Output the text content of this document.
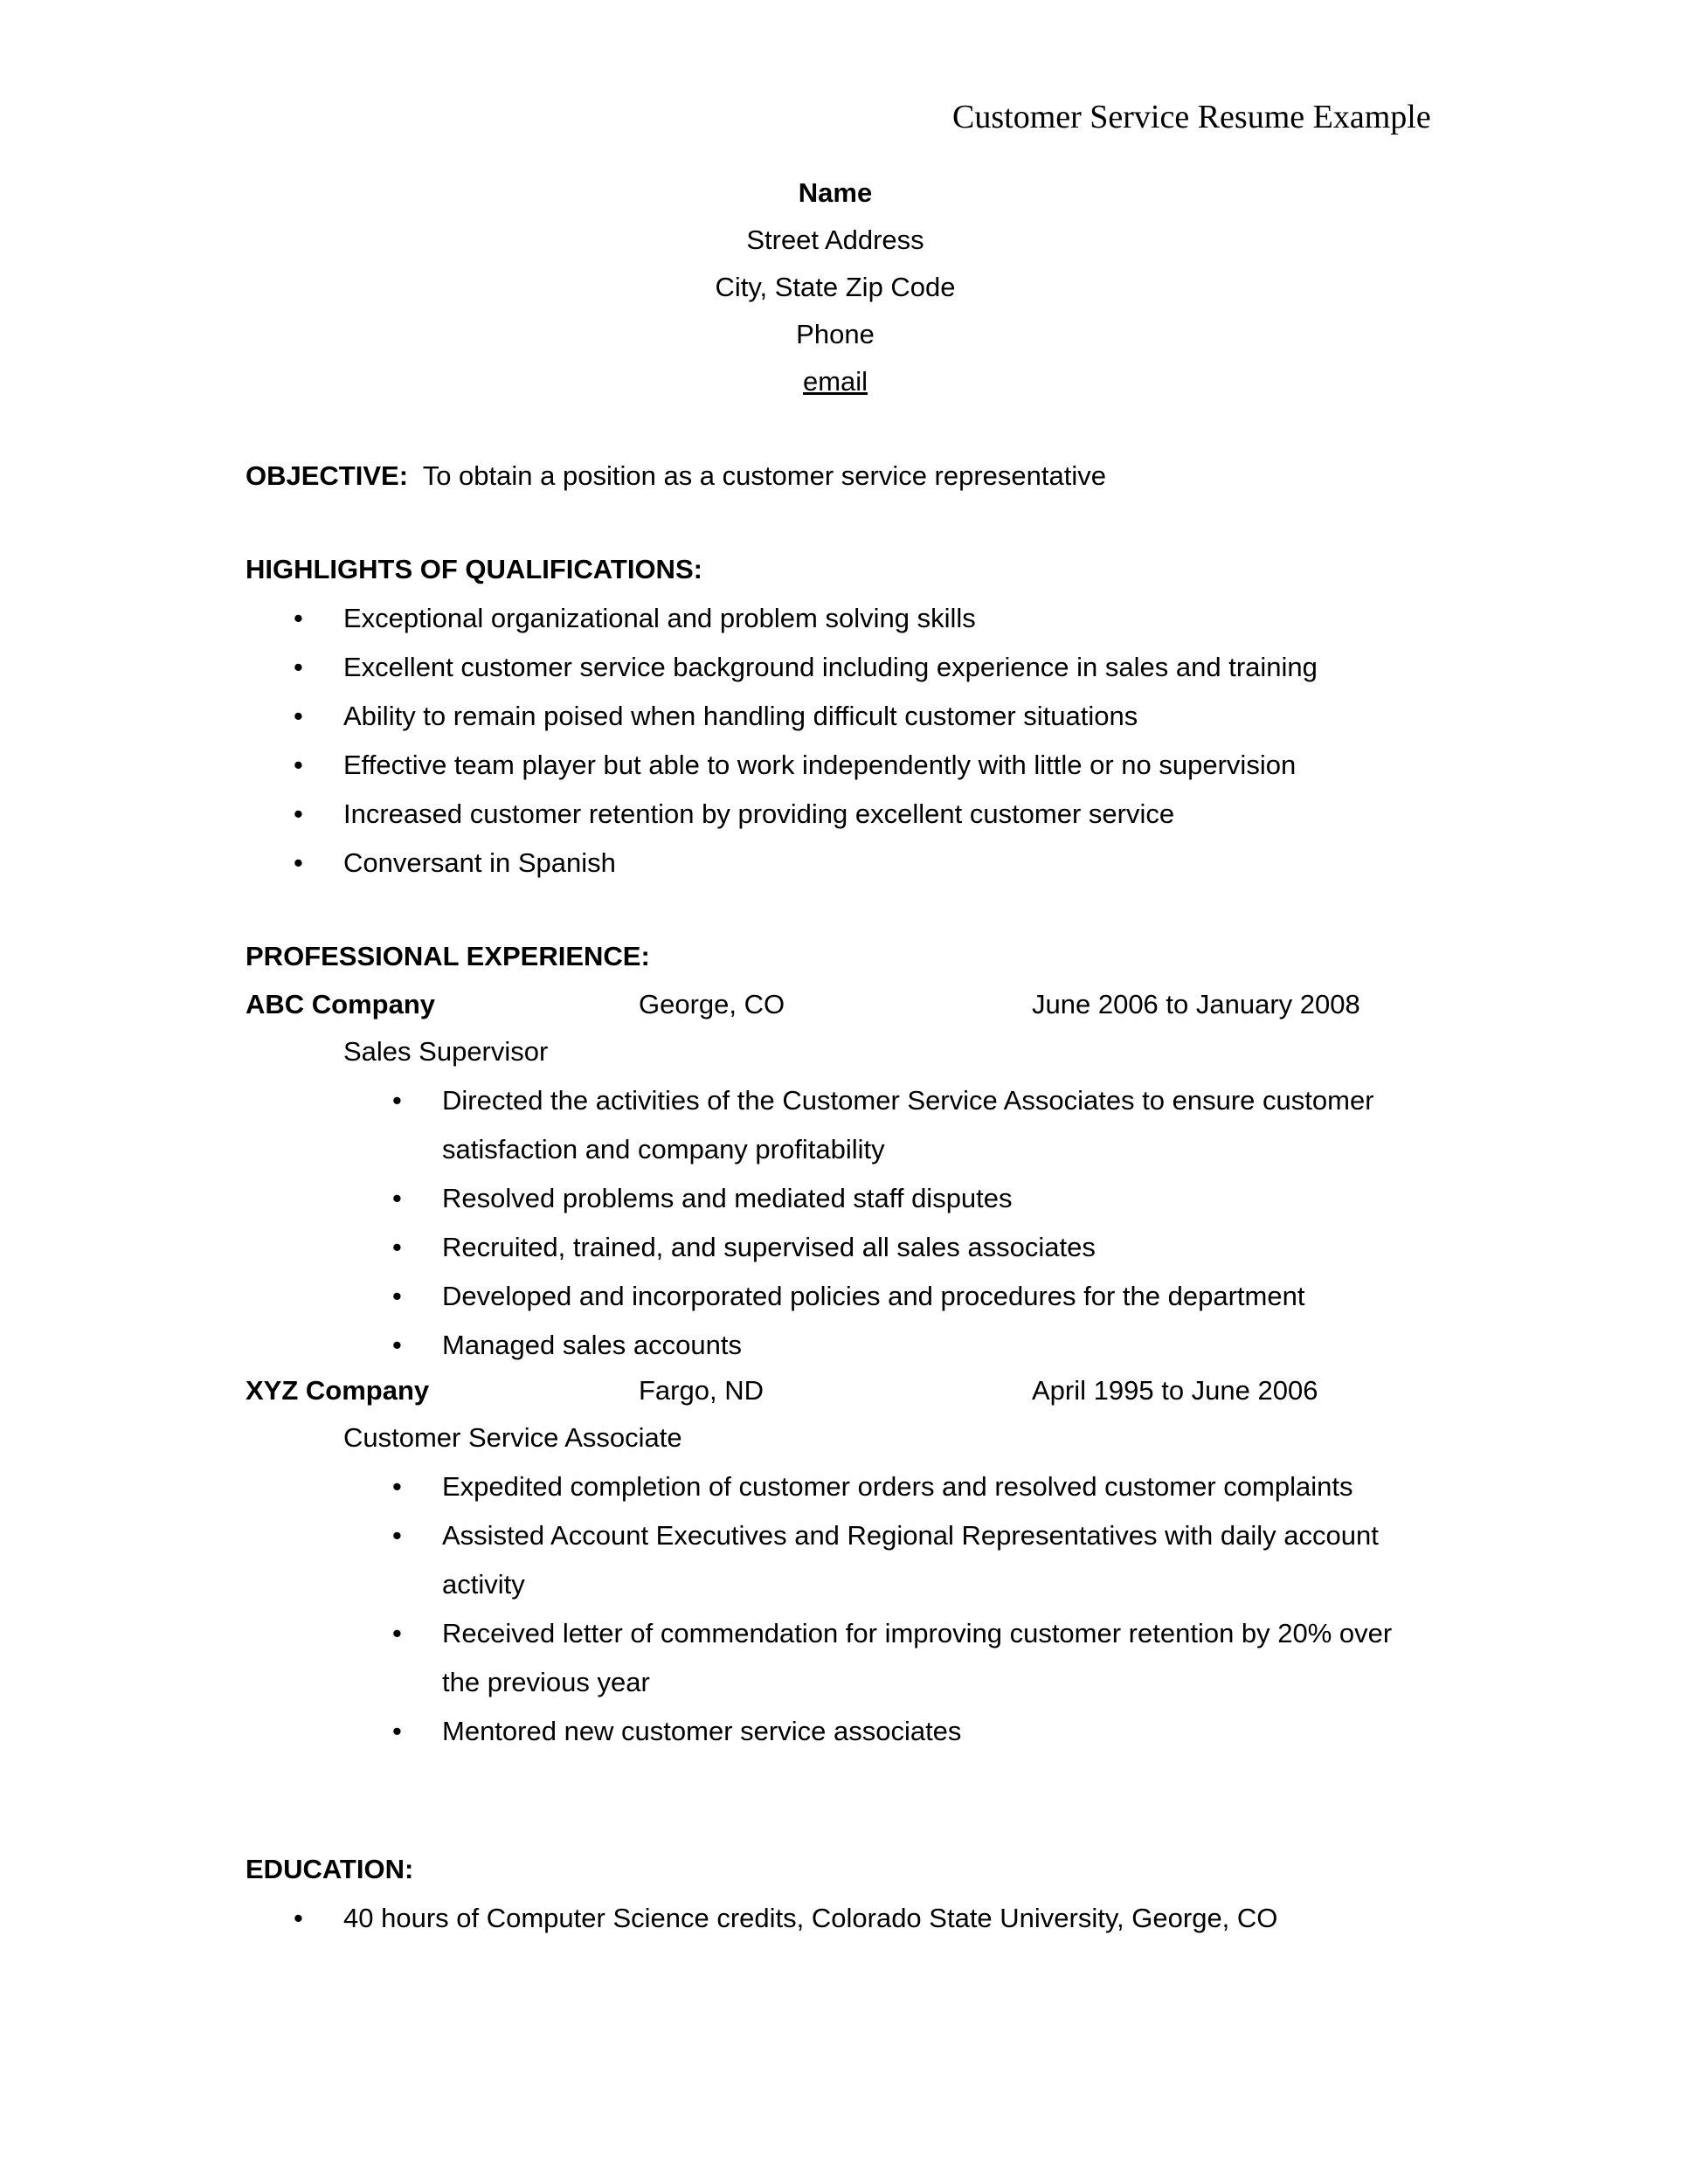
Customer Service Resume Example
Name
Street Address
City, State Zip Code
Phone
email
OBJECTIVE: To obtain a position as a customer service representative
HIGHLIGHTS OF QUALIFICATIONS:
PROFESSIONAL EXPERIENCE:
EDUCATION:
• Exceptional organizational and problem solving skills
• Excellent customer service background including experience in sales and training
• Ability to remain poised when handling difficult customer situations
• Effective team player but able to work independently with little or no supervision
• Increased customer retention by providing excellent customer service
• Conversant in Spanish
ABC Company	George, CO	June 2006 to January 2008
Sales Supervisor
• Directed the activities of the Customer Service Associates to ensure customer
satisfaction and company profitability
• Resolved problems and mediated staff disputes
• Recruited, trained, and supervised all sales associates
• Developed and incorporated policies and procedures for the department
• Managed sales accounts
XYZ Company	Fargo, ND	April 1995 to June 2006
Customer Service Associate
• Expedited completion of customer orders and resolved customer complaints
• Assisted Account Executives and Regional Representatives with daily account
activity
• Received letter of commendation for improving customer retention by 20% over
the previous year
• Mentored new customer service associates
• 40 hours of Computer Science credits, Colorado State University, George, CO
